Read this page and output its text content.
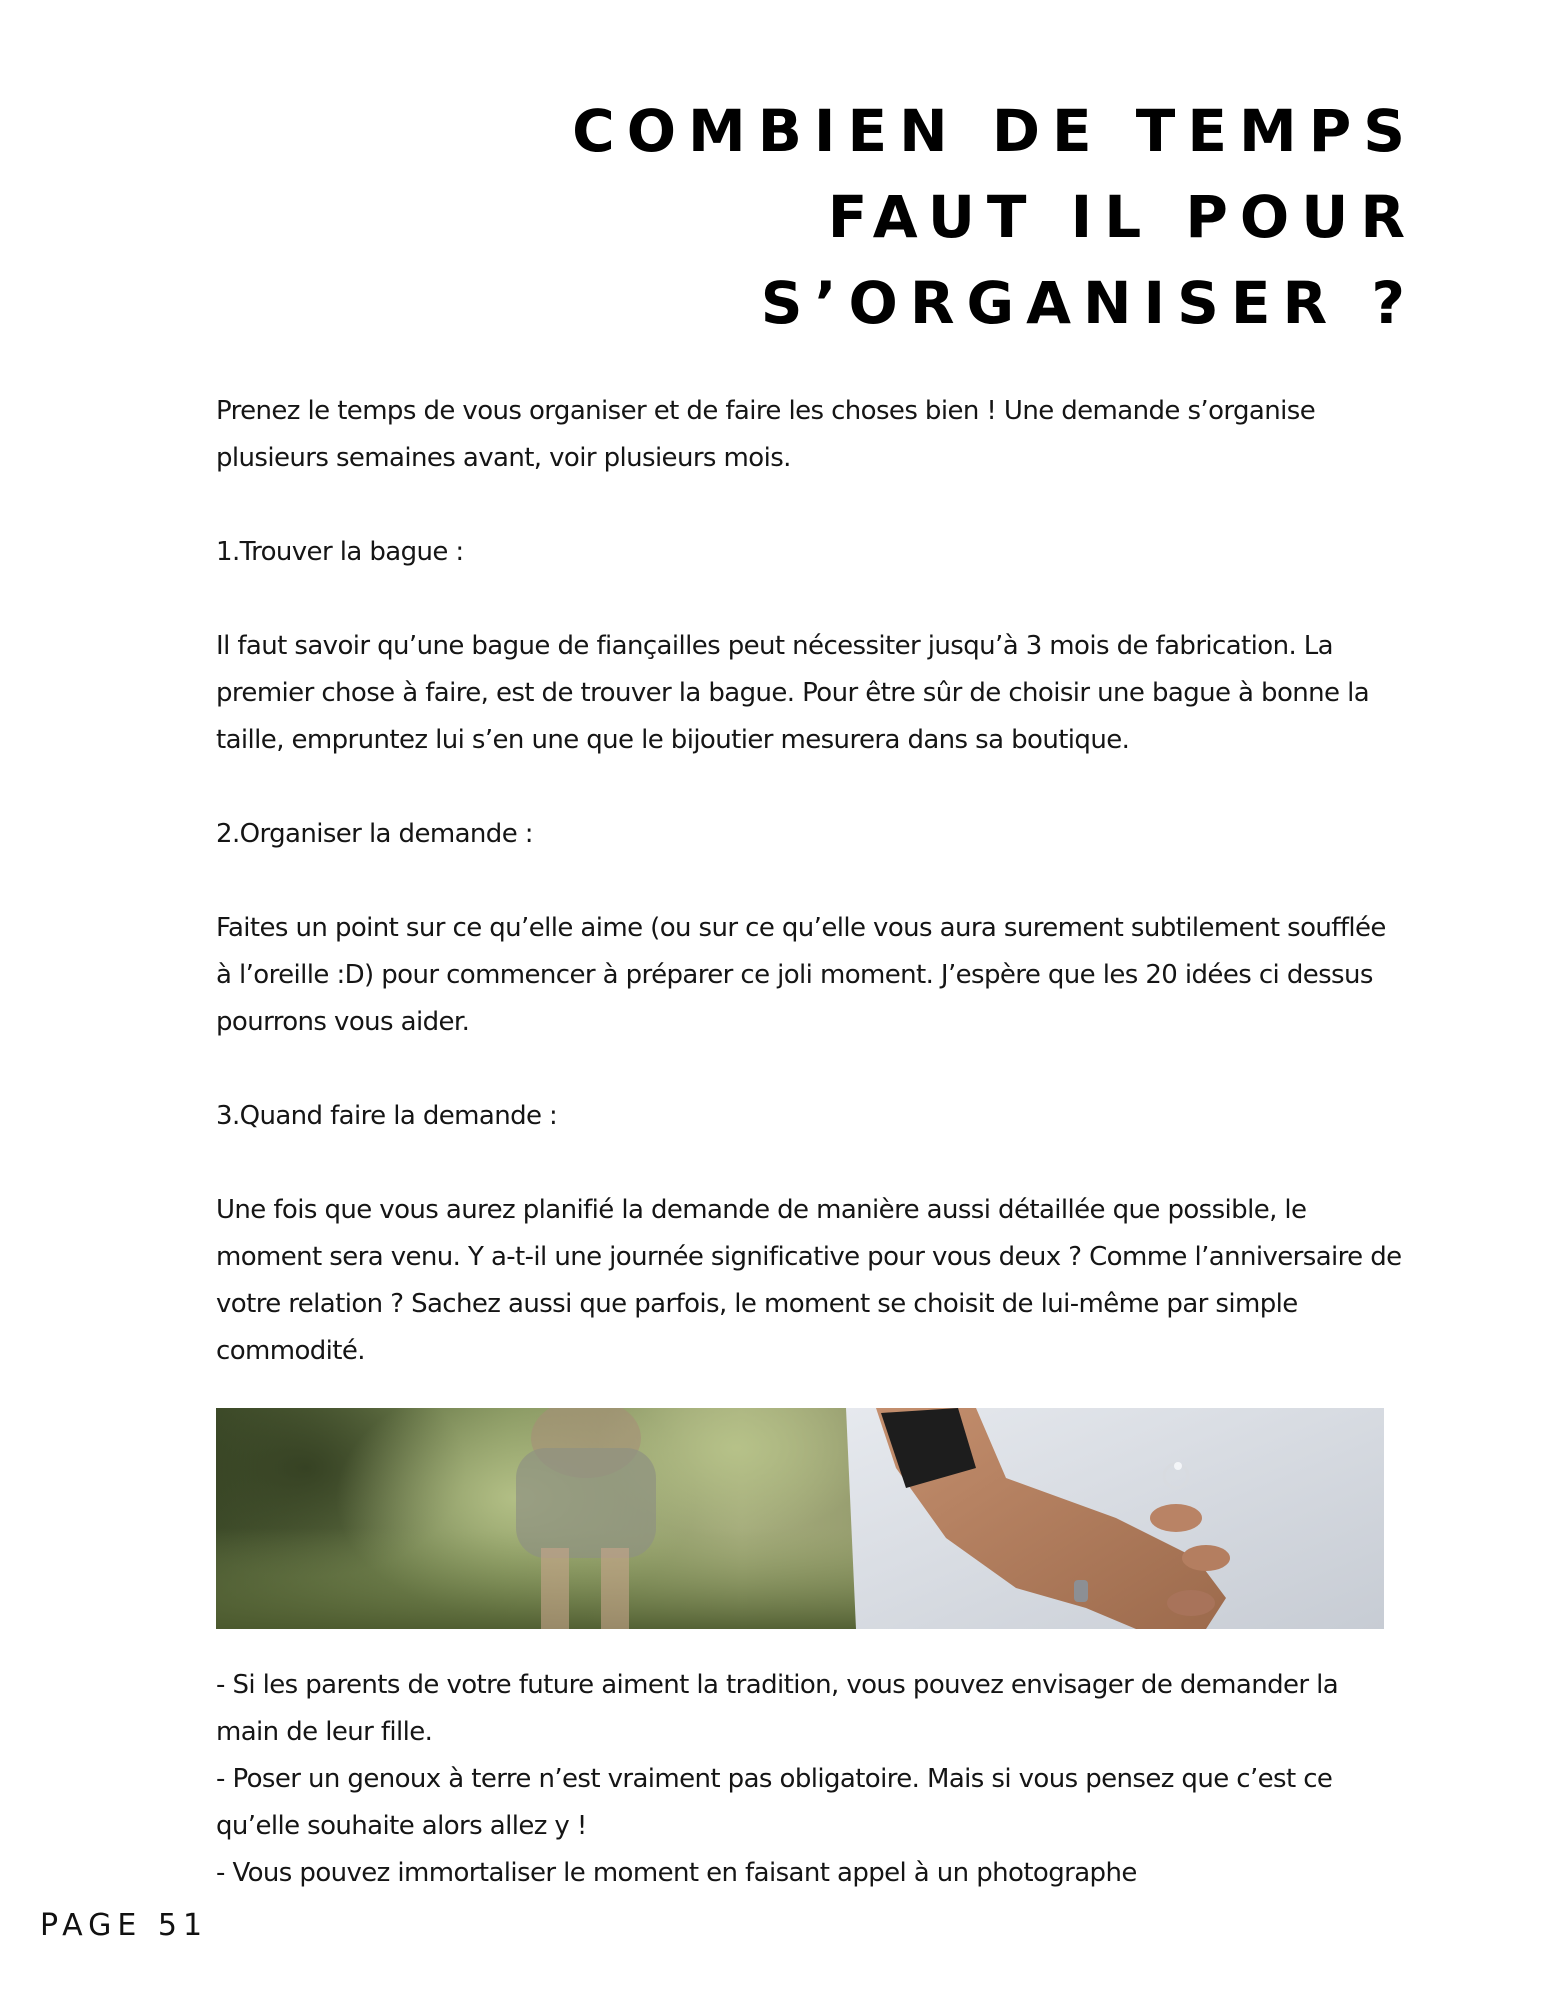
COMBIEN DE TEMPS
FAUT IL POUR
S’ORGANISER ?

Prenez le temps de vous organiser et de faire les choses bien ! Une demande s’organise plusieurs semaines avant, voir plusieurs mois.

1.Trouver la bague :

Il faut savoir qu’une bague de fiançailles peut nécessiter jusqu’à 3 mois de fabrication. La premier chose à faire, est de trouver la bague. Pour être sûr de choisir une bague à bonne la taille, empruntez lui s’en une que le bijoutier mesurera dans sa boutique.

2.Organiser la demande :

Faites un point sur ce qu’elle aime (ou sur ce qu’elle vous aura surement subtilement soufflée à l’oreille :D) pour commencer à préparer ce joli moment. J’espère que les 20 idées ci dessus pourrons vous aider.

3.Quand faire la demande :

Une fois que vous aurez planifié la demande de manière aussi détaillée que possible, le moment sera venu. Y a-t-il une journée significative pour vous deux ? Comme l’anniversaire de votre relation ? Sachez aussi que parfois, le moment se choisit de lui-même par simple commodité.

- Si les parents de votre future aiment la tradition, vous pouvez envisager de demander la main de leur fille.

- Poser un genoux à terre n’est vraiment pas obligatoire. Mais si vous pensez que c’est ce qu’elle souhaite alors allez y !

- Vous pouvez immortaliser le moment en faisant appel à un photographe

PAGE 51
